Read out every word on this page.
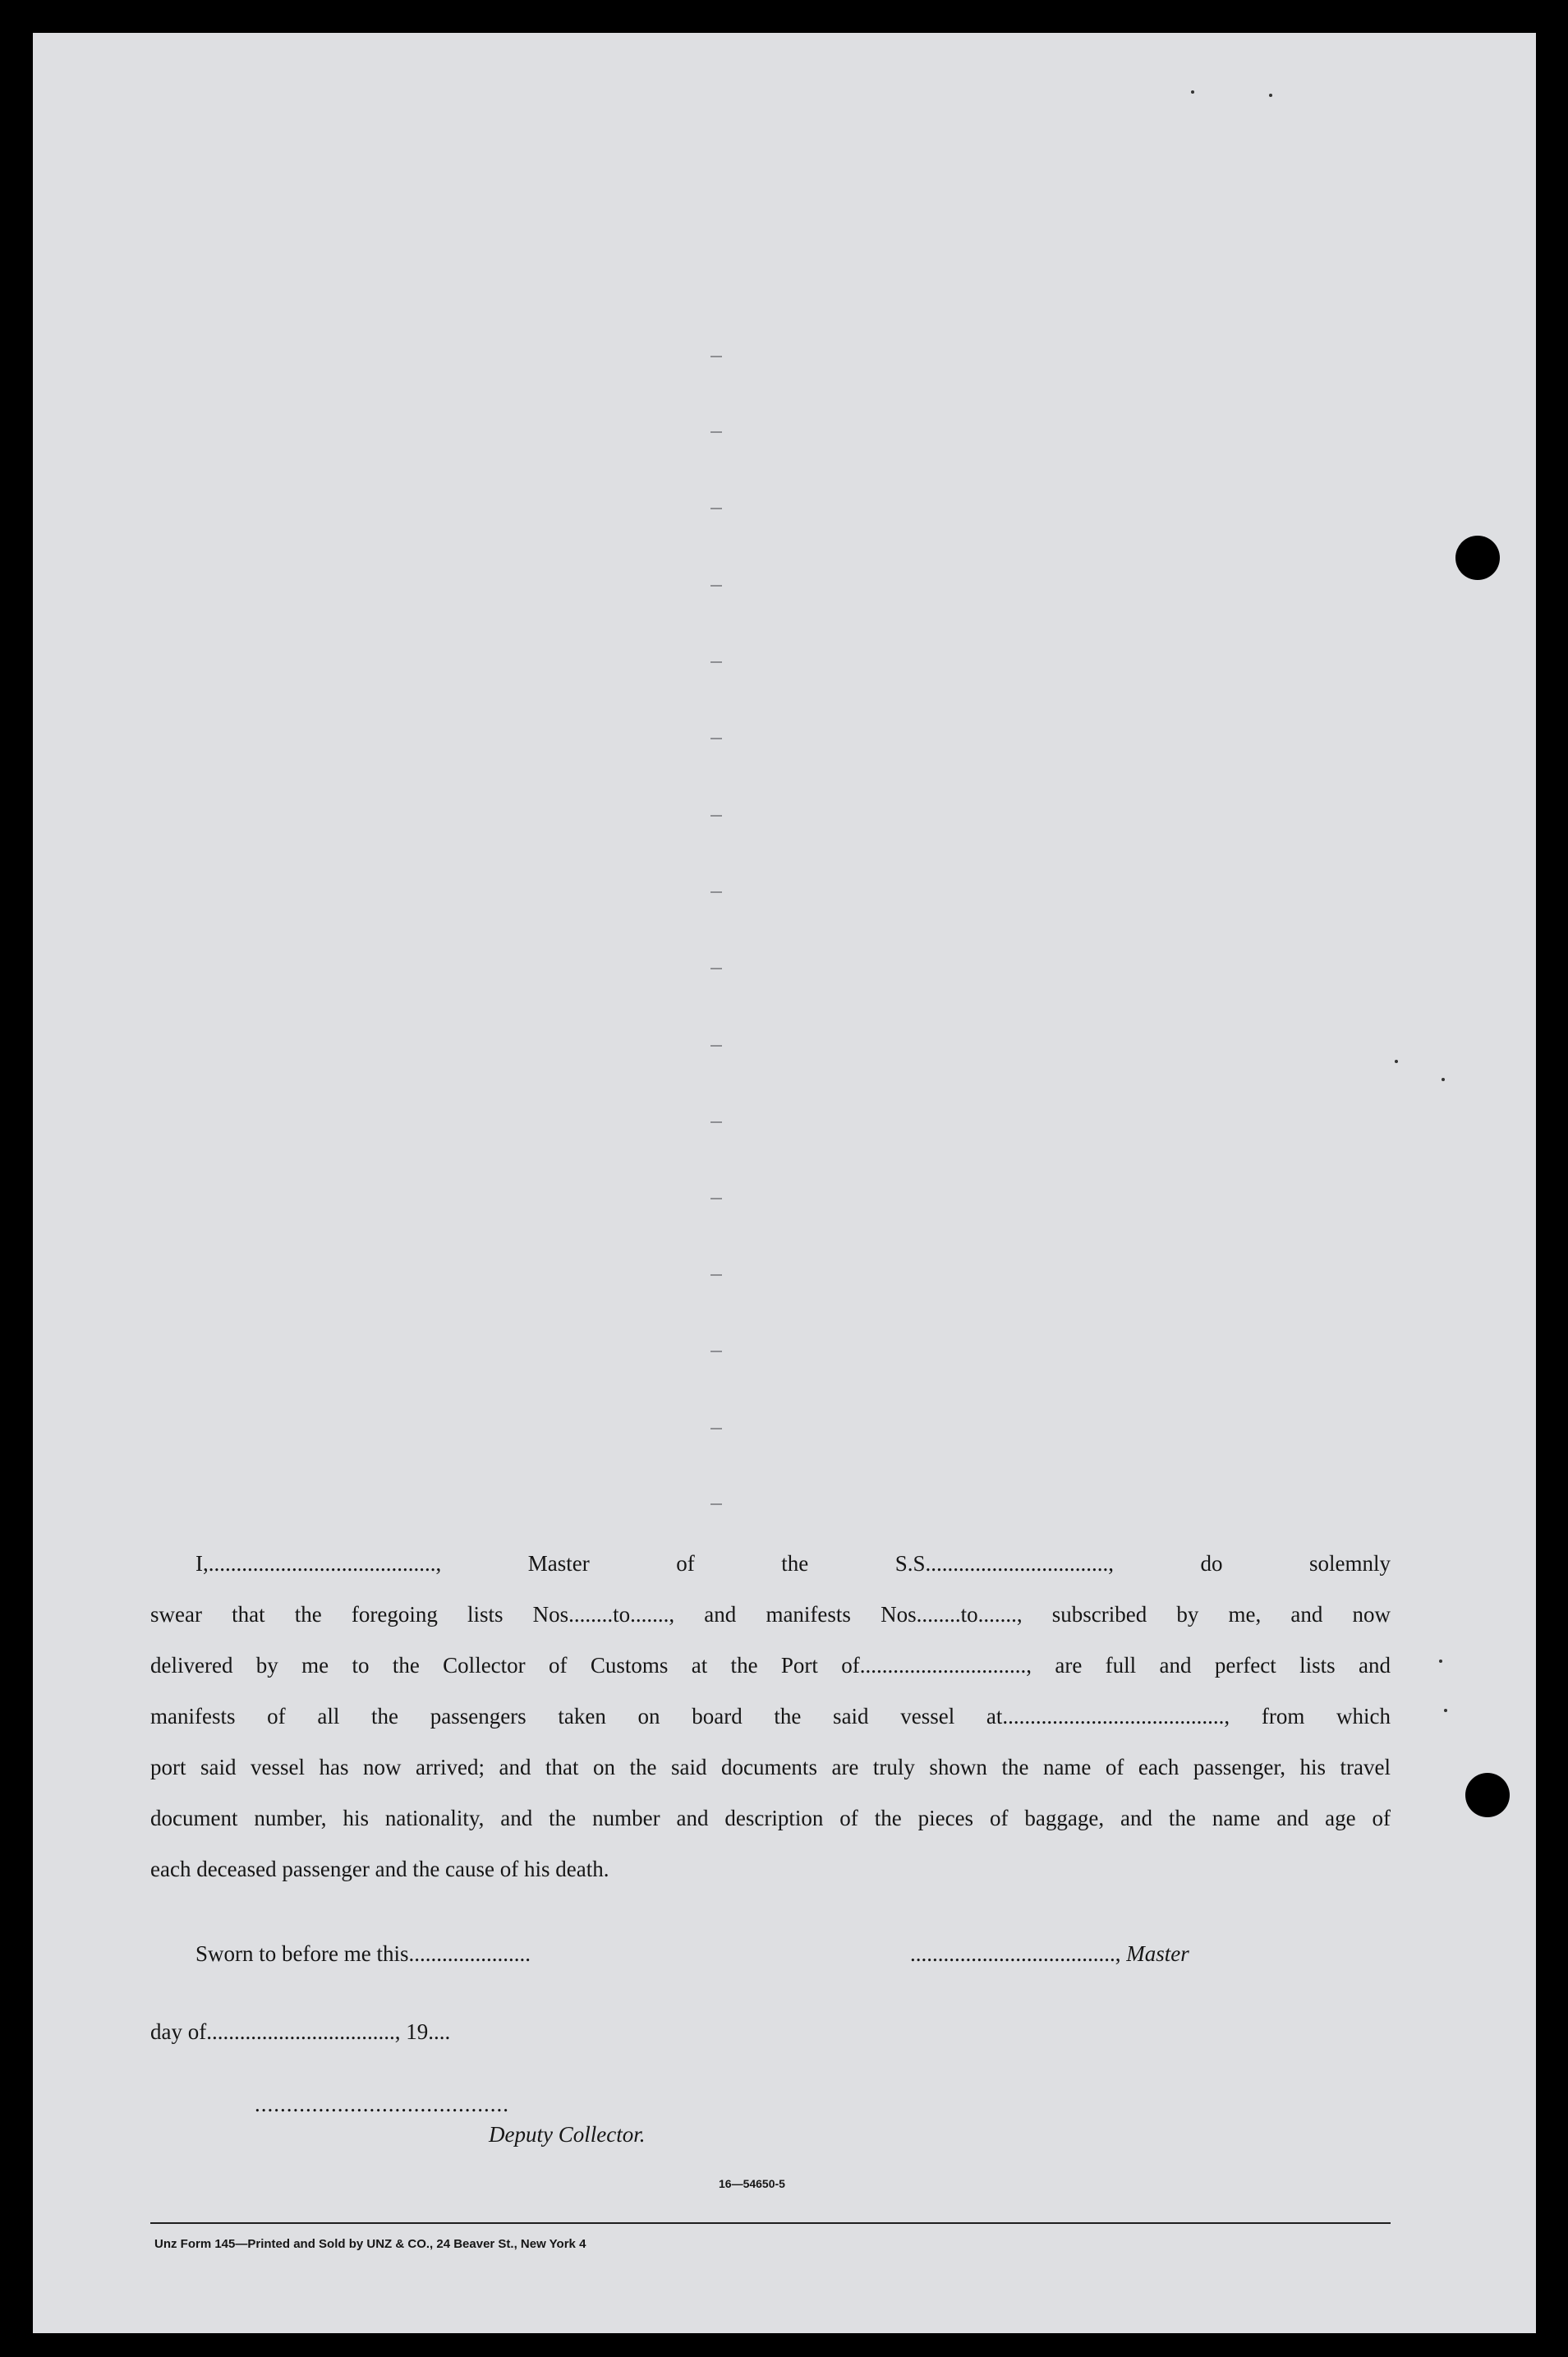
I,........................................., Master of the S.S................................., do solemnly
swear that the foregoing lists Nos........to......., and manifests Nos........to......., subscribed by me, and now
delivered by me to the Collector of Customs at the Port of.............................., are full and perfect lists and
manifests of all the passengers taken on board the said vessel at........................................, from which
port said vessel has now arrived; and that on the said documents are truly shown the name of each passenger, his travel
document number, his nationality, and the number and description of the pieces of baggage, and the name and age of
each deceased passenger and the cause of his death.
Sworn to before me this......................	....................................., Master
day of.................................., 19....
........................................
Deputy Collector.
16—54650-5
Unz Form 145—Printed and Sold by UNZ & CO., 24 Beaver St., New York 4
